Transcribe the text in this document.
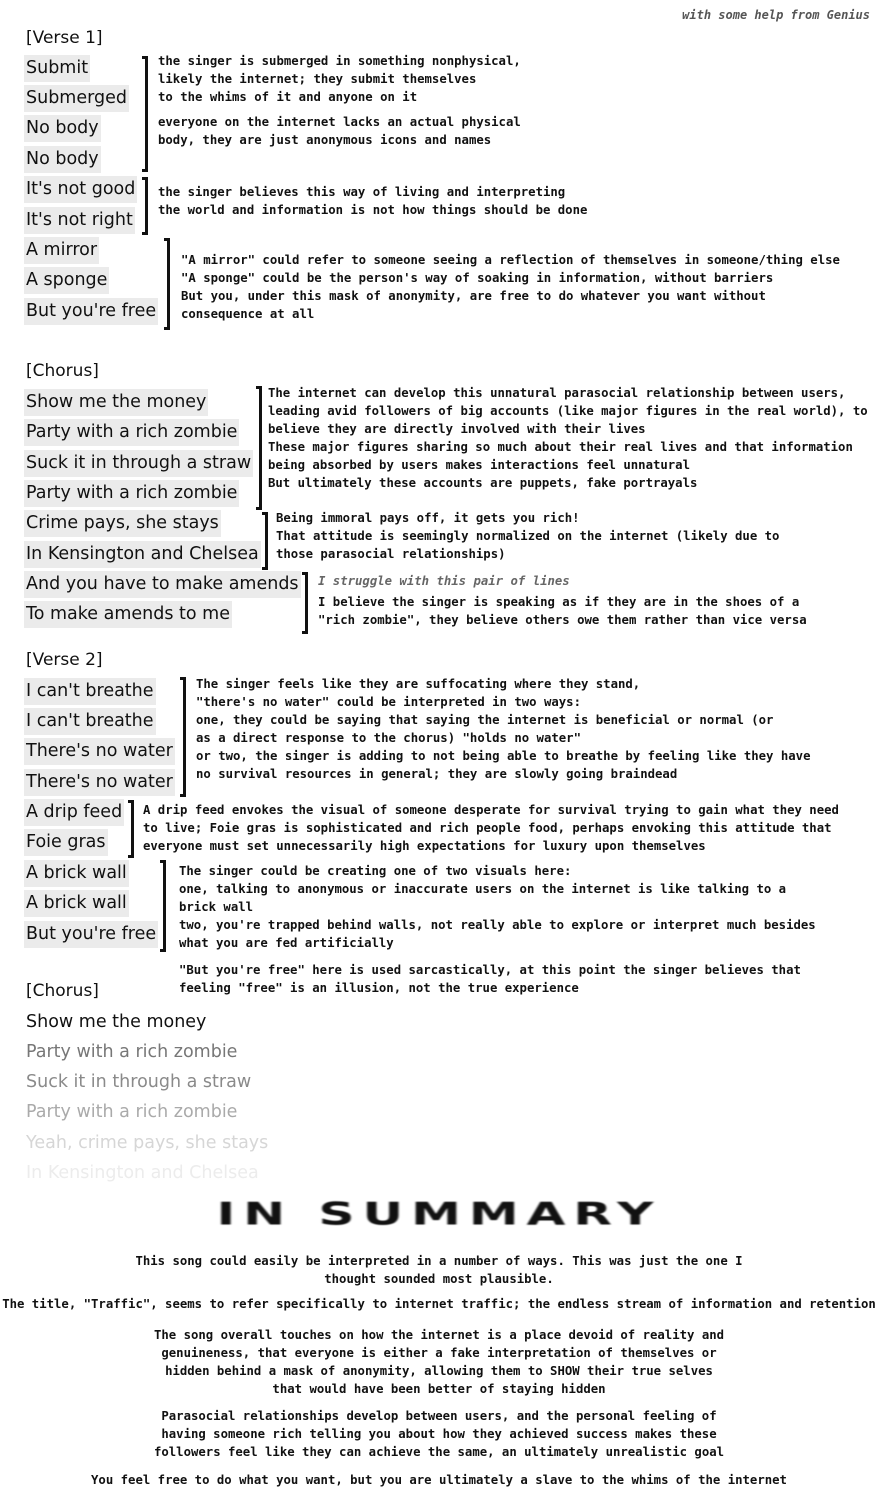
with some help from Genius
[Verse 1]
Submit
Submerged
No body
No body
It's not good
It's not right
A mirror
A sponge
But you're free
the singer is submerged in something nonphysical,
likely the internet; they submit themselves
to the whims of it and anyone on it
everyone on the internet lacks an actual physical
body, they are just anonymous icons and names
the singer believes this way of living and interpreting
the world and information is not how things should be done
"A mirror" could refer to someone seeing a reflection of themselves in someone/thing else
"A sponge" could be the person's way of soaking in information, without barriers
But you, under this mask of anonymity, are free to do whatever you want without
consequence at all
[Chorus]
Show me the money
Party with a rich zombie
Suck it in through a straw
Party with a rich zombie
Crime pays, she stays
In Kensington and Chelsea
And you have to make amends
To make amends to me
The internet can develop this unnatural parasocial relationship between users,
leading avid followers of big accounts (like major figures in the real world), to
believe they are directly involved with their lives
These major figures sharing so much about their real lives and that information
being absorbed by users makes interactions feel unnatural
But ultimately these accounts are puppets, fake portrayals
Being immoral pays off, it gets you rich!
That attitude is seemingly normalized on the internet (likely due to
those parasocial relationships)
I struggle with this pair of lines
I believe the singer is speaking as if they are in the shoes of a
"rich zombie", they believe others owe them rather than vice versa
[Verse 2]
I can't breathe
I can't breathe
There's no water
There's no water
A drip feed
Foie gras
A brick wall
A brick wall
But you're free
The singer feels like they are suffocating where they stand,
"there's no water" could be interpreted in two ways:
one, they could be saying that saying the internet is beneficial or normal (or
as a direct response to the chorus) "holds no water"
or two, the singer is adding to not being able to breathe by feeling like they have
no survival resources in general; they are slowly going braindead
A drip feed envokes the visual of someone desperate for survival trying to gain what they need
to live; Foie gras is sophisticated and rich people food, perhaps envoking this attitude that
everyone must set unnecessarily high expectations for luxury upon themselves
The singer could be creating one of two visuals here:
one, talking to anonymous or inaccurate users on the internet is like talking to a
brick wall
two, you're trapped behind walls, not really able to explore or interpret much besides
what you are fed artificially
"But you're free" here is used sarcastically, at this point the singer believes that
feeling "free" is an illusion, not the true experience
[Chorus]
Show me the money
Party with a rich zombie
Suck it in through a straw
Party with a rich zombie
Yeah, crime pays, she stays
In Kensington and Chelsea
IN SUMMARY
This song could easily be interpreted in a number of ways. This was just the one I
thought sounded most plausible.
The title, "Traffic", seems to refer specifically to internet traffic; the endless stream of information and retention
The song overall touches on how the internet is a place devoid of reality and
genuineness, that everyone is either a fake interpretation of themselves or
hidden behind a mask of anonymity, allowing them to SHOW their true selves
that would have been better of staying hidden
Parasocial relationships develop between users, and the personal feeling of
having someone rich telling you about how they achieved success makes these
followers feel like they can achieve the same, an ultimately unrealistic goal
You feel free to do what you want, but you are ultimately a slave to the whims of the internet
